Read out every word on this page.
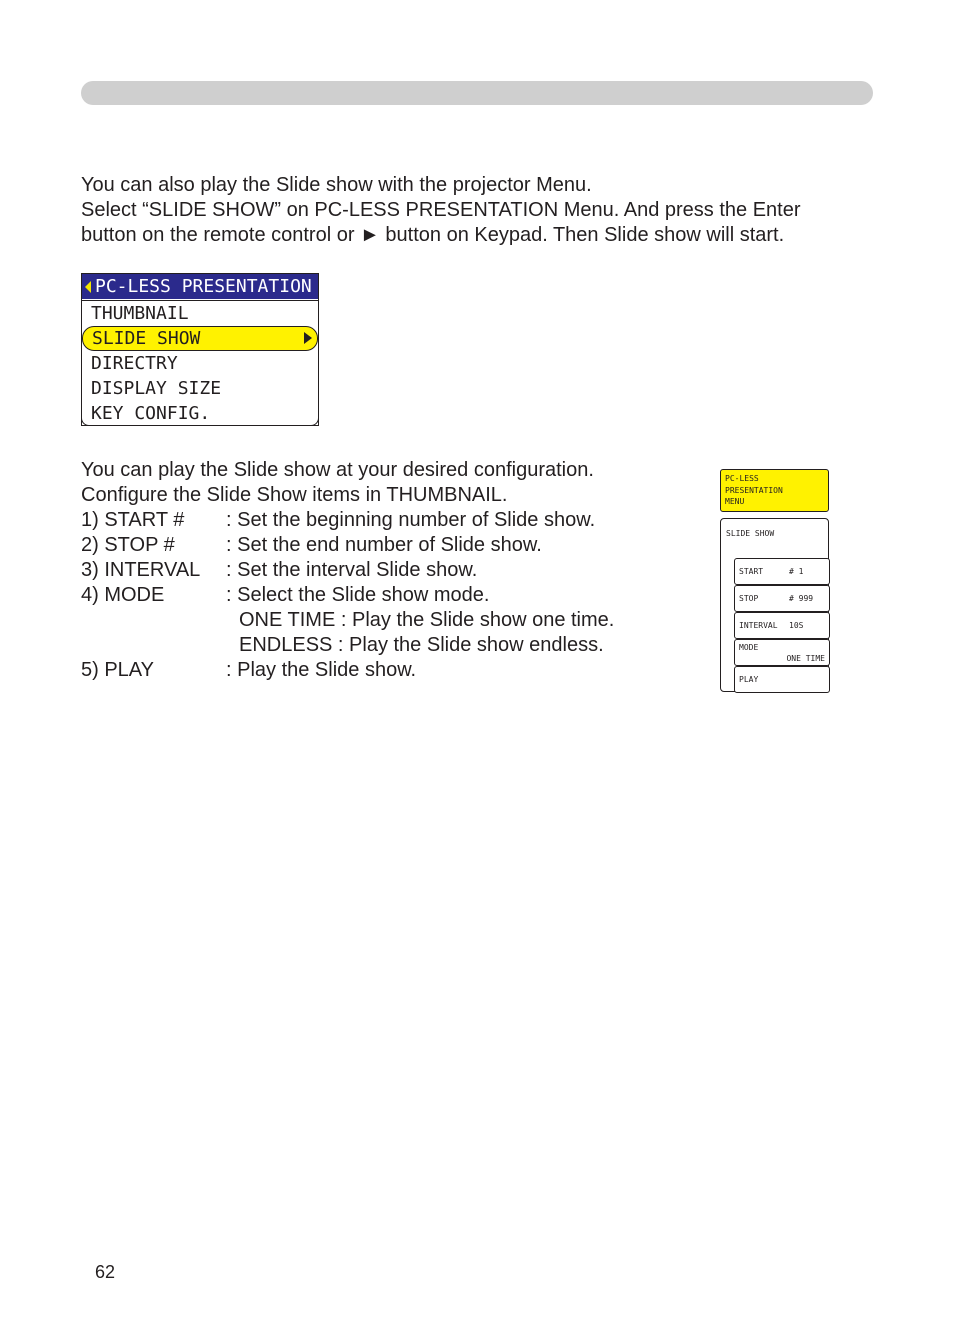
You can also play the Slide show with the projector Menu.
Select “SLIDE SHOW” on PC-LESS PRESENTATION Menu. And press the Enter
button on the remote control or ► button on Keypad. Then Slide show will start.
PC-LESS PRESENTATION
THUMBNAIL
SLIDE SHOW
DIRECTRY
DISPLAY SIZE
KEY CONFIG.
You can play the Slide show at your desired configuration.
Configure the Slide Show items in THUMBNAIL.
1) START # : Set the beginning number of Slide show.
2) STOP #	: Set the end number of Slide show.
3) INTERVAL : Set the interval Slide show.
4) MODE	: Select the Slide show mode.
ONE TIME : Play the Slide show one time.
ENDLESS : Play the Slide show endless.
5) PLAY	: Play the Slide show.
PC-LESS
PRESENTATION
MENU
SLIDE SHOW
START	# 1
STOP	# 999
INTERVAL 10S
MODE
ONE TIME
PLAY
62
